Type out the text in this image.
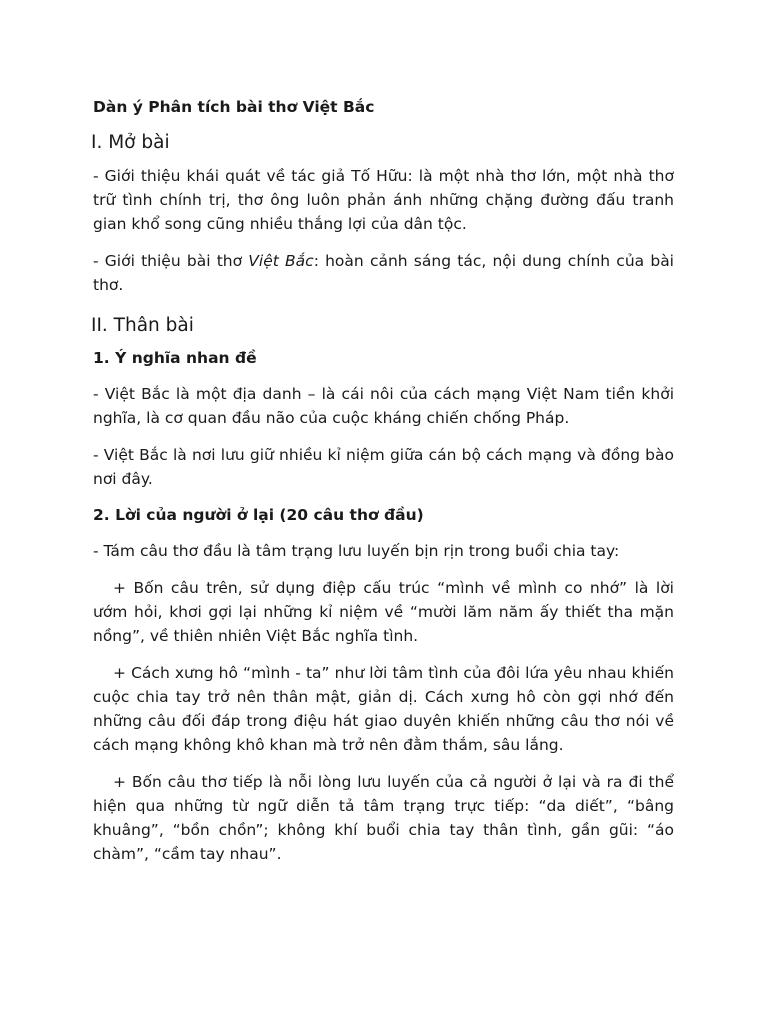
Dàn ý Phân tích bài thơ Việt Bắc
I. Mở bài

- Giới thiệu khái quát về tác giả Tố Hữu: là một nhà thơ lớn, một nhà thơ trữ tình chính trị, thơ ông luôn phản ánh những chặng đường đấu tranh gian khổ song cũng nhiều thắng lợi của dân tộc.

- Giới thiệu bài thơ Việt Bắc: hoàn cảnh sáng tác, nội dung chính của bài thơ.

II. Thân bài
1. Ý nghĩa nhan đề

- Việt Bắc là một địa danh – là cái nôi của cách mạng Việt Nam tiền khởi nghĩa, là cơ quan đầu não của cuộc kháng chiến chống Pháp.

- Việt Bắc là nơi lưu giữ nhiều kỉ niệm giữa cán bộ cách mạng và đồng bào nơi đây.

2. Lời của người ở lại (20 câu thơ đầu)

- Tám câu thơ đầu là tâm trạng lưu luyến bịn rịn trong buổi chia tay:

+ Bốn câu trên, sử dụng điệp cấu trúc “mình về mình co nhớ” là lời ướm hỏi, khơi gợi lại những kỉ niệm về “mười lăm năm ấy thiết tha mặn nồng”, về thiên nhiên Việt Bắc nghĩa tình.

+ Cách xưng hô “mình - ta” như lời tâm tình của đôi lứa yêu nhau khiến cuộc chia tay trở nên thân mật, giản dị. Cách xưng hô còn gợi nhớ đến những câu đối đáp trong điệu hát giao duyên khiến những câu thơ nói về cách mạng không khô khan mà trở nên đằm thắm, sâu lắng.

+ Bốn câu thơ tiếp là nỗi lòng lưu luyến của cả người ở lại và ra đi thể hiện qua những từ ngữ diễn tả tâm trạng trực tiếp: “da diết”, “bâng khuâng”, “bồn chồn”; không khí buổi chia tay thân tình, gần gũi: “áo chàm”, “cầm tay nhau”.
